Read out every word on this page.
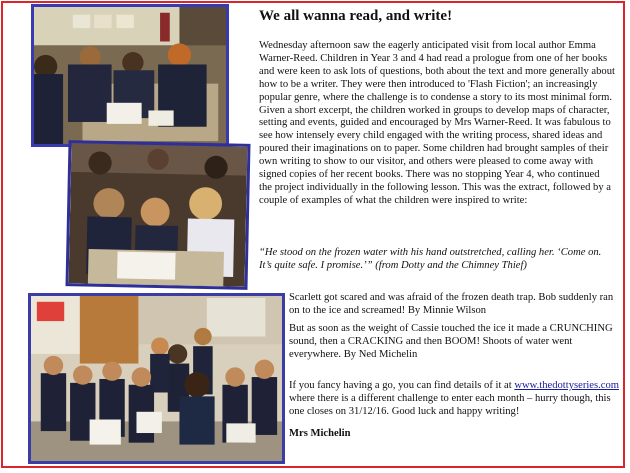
We all wanna read, and write!

Wednesday afternoon saw the eagerly anticipated visit from local author Emma Warner-Reed. Children in Year 3 and 4 had read a prologue from one of her books and were keen to ask lots of questions, both about the text and more generally about how to be a writer. They were then introduced to 'Flash Fiction'; an increasingly popular genre, where the challenge is to condense a story to its most minimal form. Given a short excerpt, the children worked in groups to develop maps of character, setting and events, guided and encouraged by Mrs Warner-Reed. It was fabulous to see how intensely every child engaged with the writing process, shared ideas and poured their imaginations on to paper. Some children had brought samples of their own writing to show to our visitor, and others were pleased to come away with signed copies of her recent books. There was no stopping Year 4, who continued the project individually in the following lesson. This was the extract, followed by a couple of examples of what the children were inspired to write:

“He stood on the frozen water with his hand outstretched, calling her. ‘Come on. It’s quite safe. I promise.’” (from Dotty and the Chimney Thief)

Scarlett got scared and was afraid of the frozen death trap. Bob suddenly ran on to the ice and screamed! By Minnie Wilson

But as soon as the weight of Cassie touched the ice it made a CRUNCHING sound, then a CRACKING and then BOOM! Shoots of water went everywhere. By Ned Michelin

If you fancy having a go, you can find details of it at www.thedottyseries.com where there is a different challenge to enter each month – hurry though, this one closes on 31/12/16. Good luck and happy writing!

Mrs Michelin
